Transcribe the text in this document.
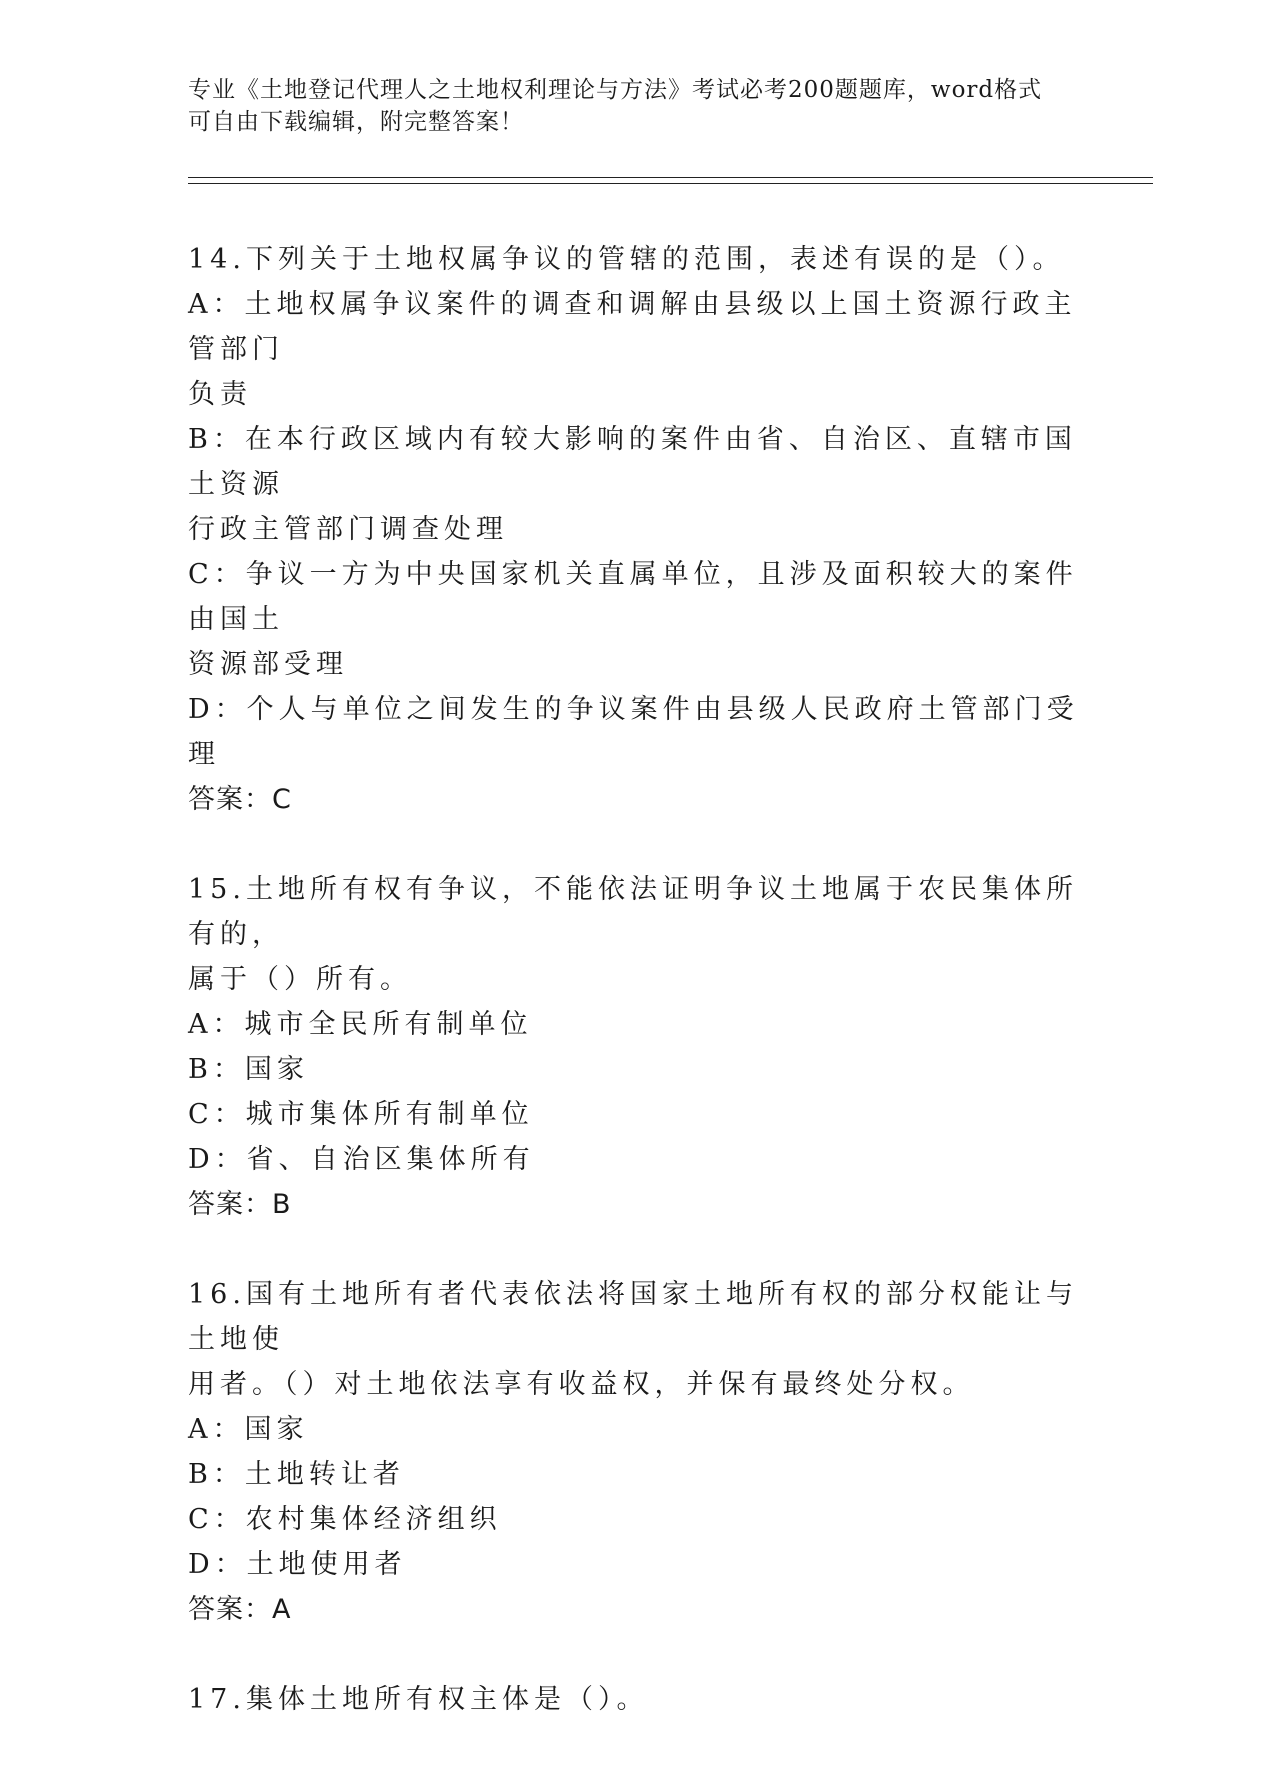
专业《土地登记代理人之土地权利理论与方法》考试必考200题题库，word格式
可自由下载编辑，附完整答案！
14.下列关于土地权属争议的管辖的范围，表述有误的是（）。
A：土地权属争议案件的调查和调解由县级以上国土资源行政主管部门
负责
B：在本行政区域内有较大影响的案件由省、自治区、直辖市国土资源
行政主管部门调查处理
C：争议一方为中央国家机关直属单位，且涉及面积较大的案件由国土
资源部受理
D：个人与单位之间发生的争议案件由县级人民政府土管部门受理
答案：C
15.土地所有权有争议，不能依法证明争议土地属于农民集体所有的，
属于（）所有。
A：城市全民所有制单位
B：国家
C：城市集体所有制单位
D：省、自治区集体所有
答案：B
16.国有土地所有者代表依法将国家土地所有权的部分权能让与土地使
用者。（）对土地依法享有收益权，并保有最终处分权。
A：国家
B：土地转让者
C：农村集体经济组织
D：土地使用者
答案：A
17.集体土地所有权主体是（）。
